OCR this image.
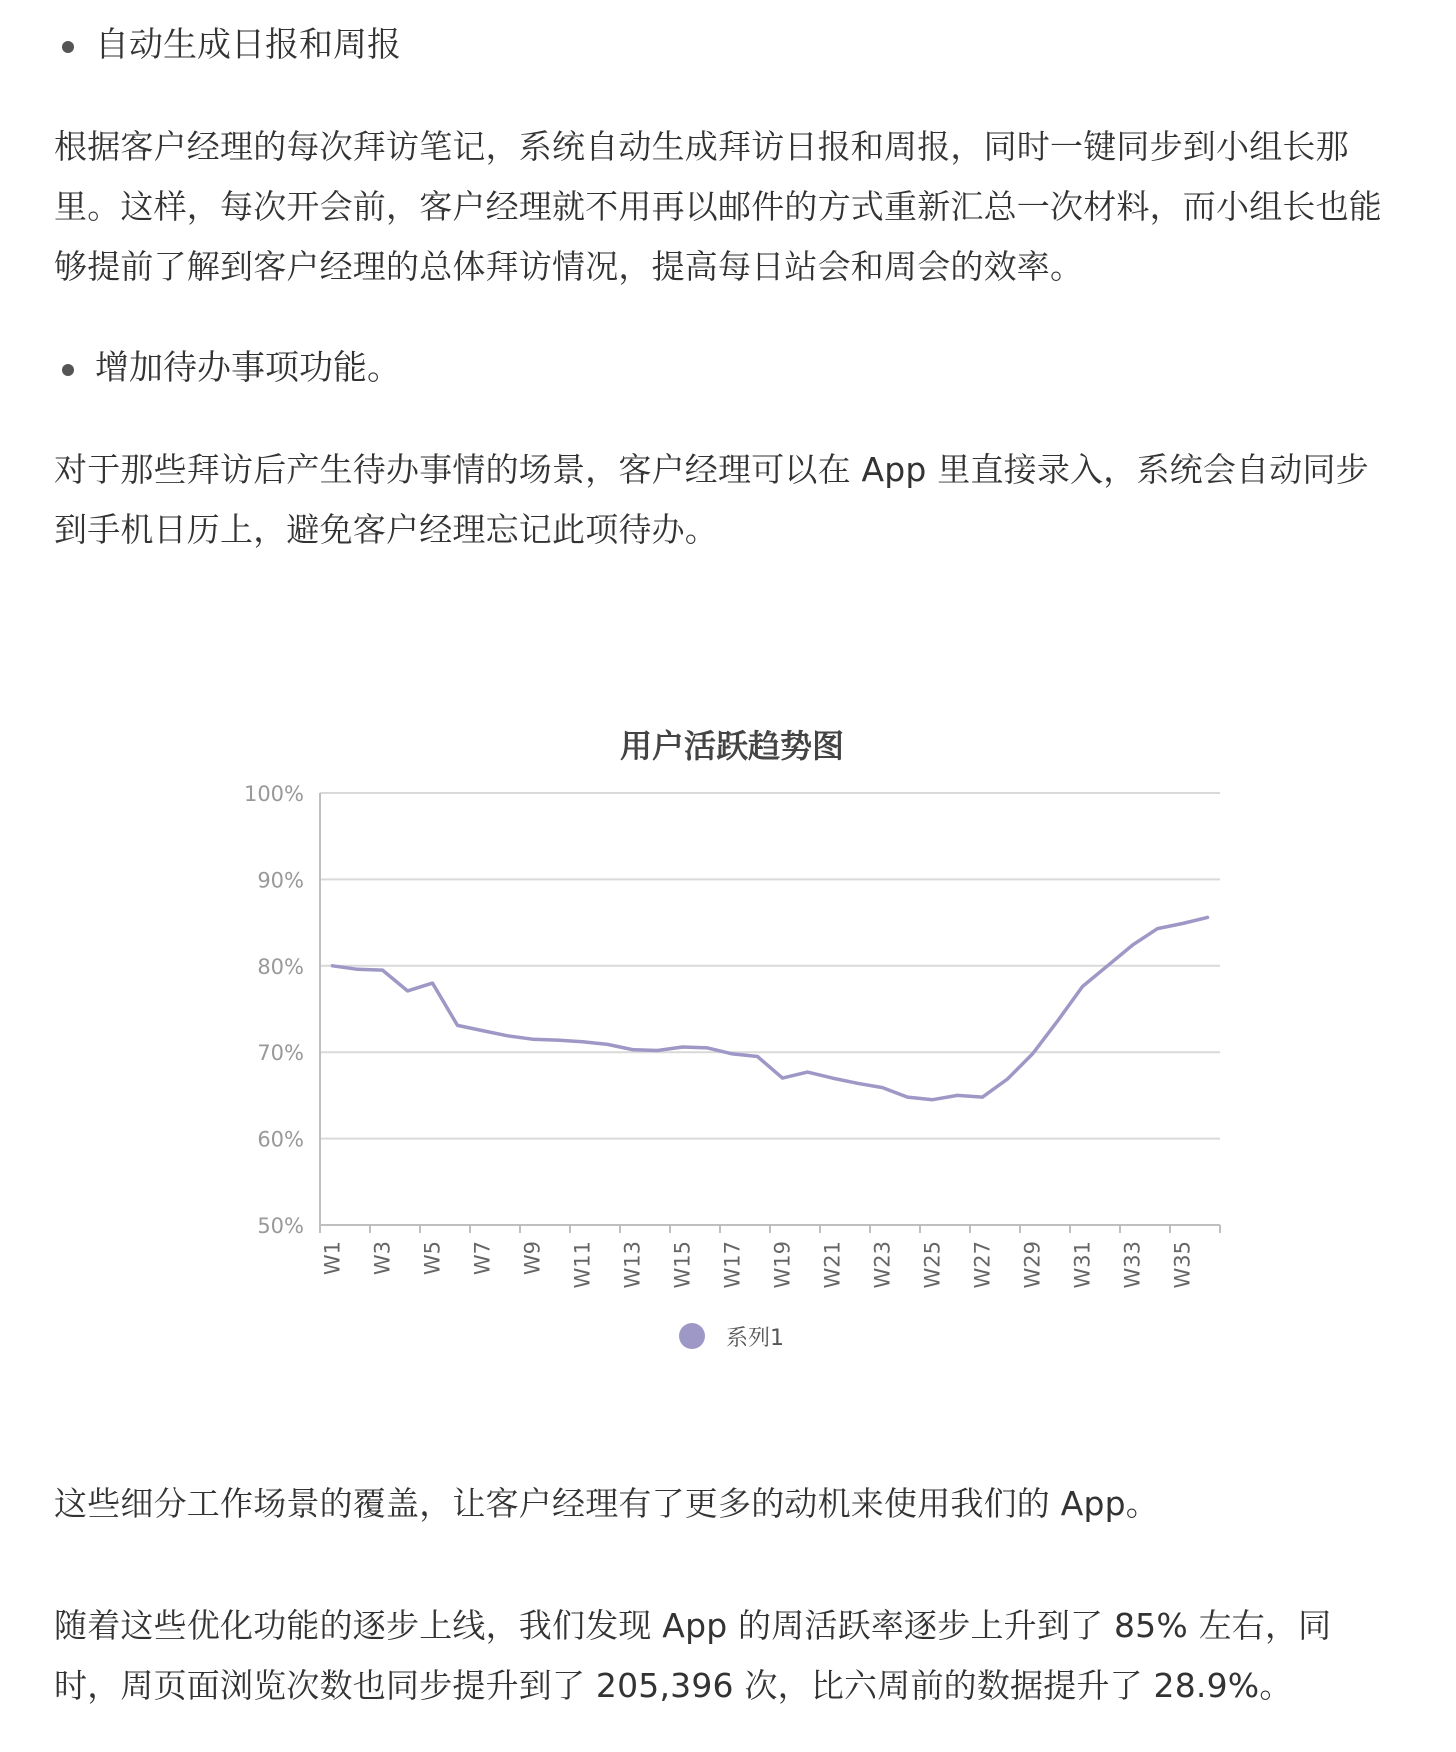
自动生成日报和周报
根据客户经理的每次拜访笔记，系统自动生成拜访日报和周报，同时一键同步到小组长那
里。这样，每次开会前，客户经理就不用再以邮件的方式重新汇总一次材料，而小组长也能
够提前了解到客户经理的总体拜访情况，提高每日站会和周会的效率。
增加待办事项功能。
对于那些拜访后产生待办事情的场景，客户经理可以在 App 里直接录入，系统会自动同步
到手机日历上，避免客户经理忘记此项待办。
用户活跃趋势图
100%
90%
80%
70%
60%
50%
W1 W3 W5 W7 W9 W11 W13 W15 W17 W19 W21 W23 W25 W27 W29 W31 W33 W35
系列1
这些细分工作场景的覆盖，让客户经理有了更多的动机来使用我们的 App。
随着这些优化功能的逐步上线，我们发现 App 的周活跃率逐步上升到了 85% 左右，同
时，周页面浏览次数也同步提升到了 205,396 次，比六周前的数据提升了 28.9%。
